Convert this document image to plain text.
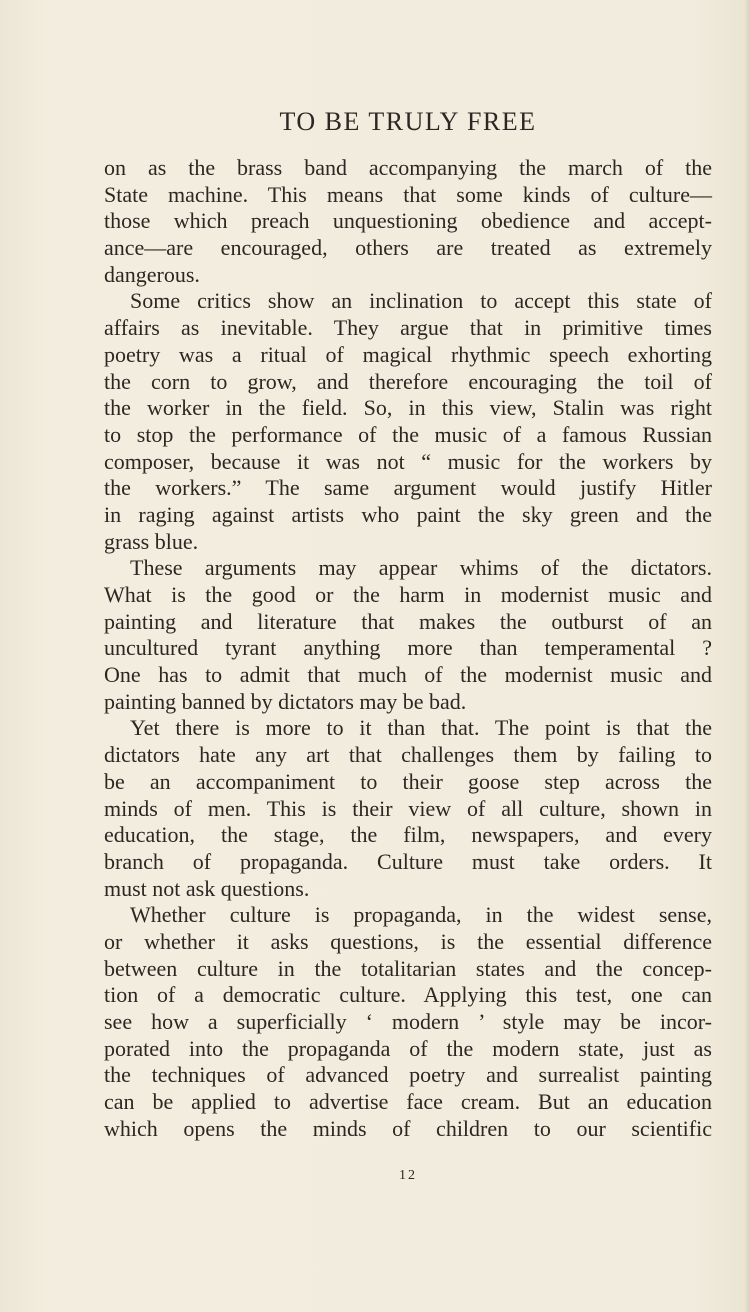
TO BE TRULY FREE
on as the brass band accompanying the march of the
State machine. This means that some kinds of culture—
those which preach unquestioning obedience and accept-
ance—are encouraged, others are treated as extremely
dangerous.
Some critics show an inclination to accept this state of
affairs as inevitable. They argue that in primitive times
poetry was a ritual of magical rhythmic speech exhorting
the corn to grow, and therefore encouraging the toil of
the worker in the field. So, in this view, Stalin was right
to stop the performance of the music of a famous Russian
composer, because it was not “ music for the workers by
the workers.” The same argument would justify Hitler
in raging against artists who paint the sky green and the
grass blue.
These arguments may appear whims of the dictators.
What is the good or the harm in modernist music and
painting and literature that makes the outburst of an
uncultured tyrant anything more than temperamental ?
One has to admit that much of the modernist music and
painting banned by dictators may be bad.
Yet there is more to it than that. The point is that the
dictators hate any art that challenges them by failing to
be an accompaniment to their goose step across the
minds of men. This is their view of all culture, shown in
education, the stage, the film, newspapers, and every
branch of propaganda. Culture must take orders. It
must not ask questions.
Whether culture is propaganda, in the widest sense,
or whether it asks questions, is the essential difference
between culture in the totalitarian states and the concep-
tion of a democratic culture. Applying this test, one can
see how a superficially ‘ modern ’ style may be incor-
porated into the propaganda of the modern state, just as
the techniques of advanced poetry and surrealist painting
can be applied to advertise face cream. But an education
which opens the minds of children to our scientific
12
